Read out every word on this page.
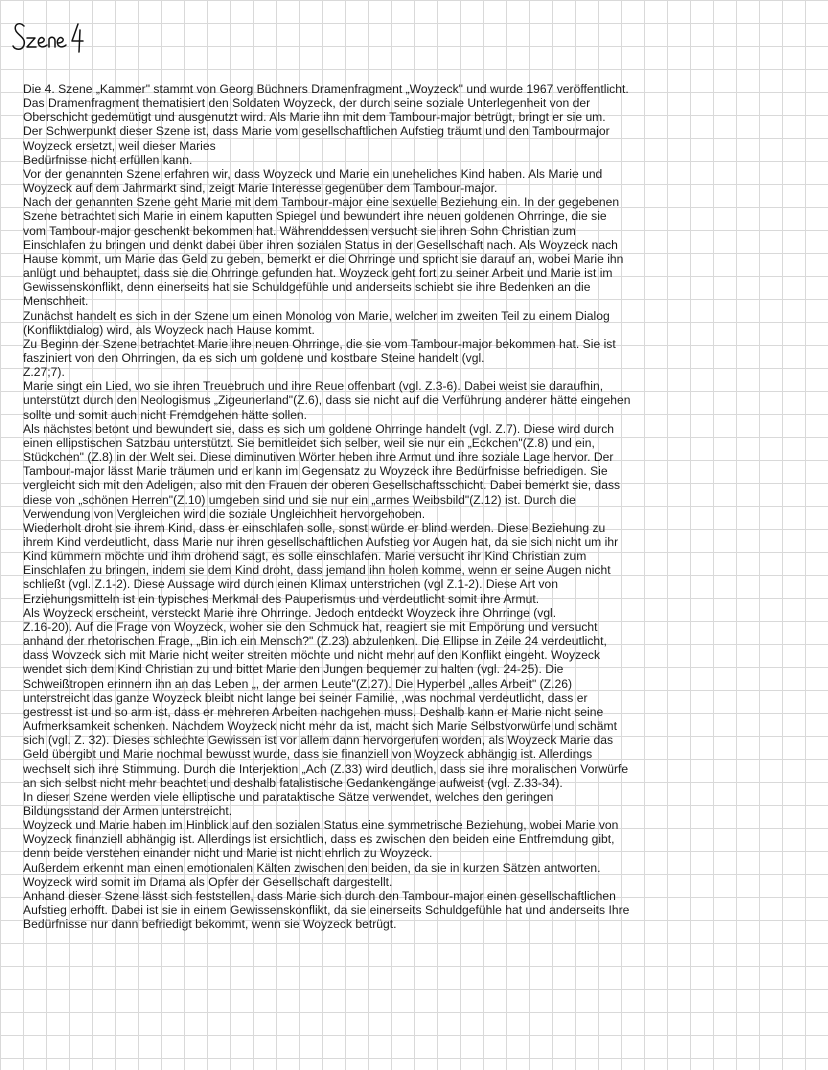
Die 4. Szene „Kammer" stammt von Georg Büchners Dramenfragment „Woyzeck" und wurde 1967 veröffentlicht.

Das Dramenfragment thematisiert den Soldaten Woyzeck, der durch seine soziale Unterlegenheit von der

Oberschicht gedemütigt und ausgenutzt wird. Als Marie ihn mit dem Tambour-major betrügt, bringt er sie um.

Der Schwerpunkt dieser Szene ist, dass Marie vom gesellschaftlichen Aufstieg träumt und den Tambourmajor

Woyzeck ersetzt, weil dieser Maries

Bedürfnisse nicht erfüllen kann.

Vor der genannten Szene erfahren wir, dass Woyzeck und Marie ein uneheliches Kind haben. Als Marie und

Woyzeck auf dem Jahrmarkt sind, zeigt Marie Interesse gegenüber dem Tambour-major.

Nach der genannten Szene geht Marie mit dem Tambour-major eine sexuelle Beziehung ein. In der gegebenen

Szene betrachtet sich Marie in einem kaputten Spiegel und bewundert ihre neuen goldenen Ohrringe, die sie

vom Tambour-major geschenkt bekommen hat. Währenddessen versucht sie ihren Sohn Christian zum

Einschlafen zu bringen und denkt dabei über ihren sozialen Status in der Gesellschaft nach. Als Woyzeck nach

Hause kommt, um Marie das Geld zu geben, bemerkt er die Ohrringe und spricht sie darauf an, wobei Marie ihn

anlügt und behauptet, dass sie die Ohrringe gefunden hat. Woyzeck geht fort zu seiner Arbeit und Marie ist im

Gewissenskonflikt, denn einerseits hat sie Schuldgefühle und anderseits schiebt sie ihre Bedenken an die

Menschheit.

Zunächst handelt es sich in der Szene um einen Monolog von Marie, welcher im zweiten Teil zu einem Dialog

(Konfliktdialog) wird, als Woyzeck nach Hause kommt.

Zu Beginn der Szene betrachtet Marie ihre neuen Ohrringe, die sie vom Tambour-major bekommen hat. Sie ist

fasziniert von den Ohrringen, da es sich um goldene und kostbare Steine handelt (vgl.

Z.27;7).

Marie singt ein Lied, wo sie ihren Treuebruch und ihre Reue offenbart (vgl. Z.3-6). Dabei weist sie daraufhin,

unterstützt durch den Neologismus „Zigeunerland"(Z.6), dass sie nicht auf die Verführung anderer hätte eingehen

sollte und somit auch nicht Fremdgehen hätte sollen.

Als nächstes betont und bewundert sie, dass es sich um goldene Ohrringe handelt (vgl. Z.7). Diese wird durch

einen ellipstischen Satzbau unterstützt. Sie bemitleidet sich selber, weil sie nur ein „Eckchen"(Z.8) und ein,

Stückchen" (Z.8) in der Welt sei. Diese diminutiven Wörter heben ihre Armut und ihre soziale Lage hervor. Der

Tambour-major lässt Marie träumen und er kann im Gegensatz zu Woyzeck ihre Bedürfnisse befriedigen. Sie

vergleicht sich mit den Adeligen, also mit den Frauen der oberen Gesellschaftsschicht. Dabei bemerkt sie, dass

diese von „schönen Herren"(Z.10) umgeben sind und sie nur ein „armes Weibsbild"(Z.12) ist. Durch die

Verwendung von Vergleichen wird die soziale Ungleichheit hervorgehoben.

Wiederholt droht sie ihrem Kind, dass er einschlafen solle, sonst würde er blind werden. Diese Beziehung zu

ihrem Kind verdeutlicht, dass Marie nur ihren gesellschaftlichen Aufstieg vor Augen hat, da sie sich nicht um ihr

Kind kümmern möchte und ihm drohend sagt, es solle einschlafen. Marie versucht ihr Kind Christian zum

Einschlafen zu bringen, indem sie dem Kind droht, dass jemand ihn holen komme, wenn er seine Augen nicht

schließt (vgl. Z.1-2). Diese Aussage wird durch einen Klimax unterstrichen (vgl Z.1-2). Diese Art von

Erziehungsmitteln ist ein typisches Merkmal des Pauperismus und verdeutlicht somit ihre Armut.

Als Woyzeck erscheint, versteckt Marie ihre Ohrringe. Jedoch entdeckt Woyzeck ihre Ohrringe (vgl.

Z.16-20). Auf die Frage von Woyzeck, woher sie den Schmuck hat, reagiert sie mit Empörung und versucht

anhand der rhetorischen Frage, „Bin ich ein Mensch?" (Z.23) abzulenken. Die Ellipse in Zeile 24 verdeutlicht,

dass Wovzeck sich mit Marie nicht weiter streiten möchte und nicht mehr auf den Konflikt eingeht. Woyzeck

wendet sich dem Kind Christian zu und bittet Marie den Jungen bequemer zu halten (vgl. 24-25). Die

Schweißtropen erinnern ihn an das Leben „, der armen Leute"(Z.27). Die Hyperbel „alles Arbeit" (Z.26)

unterstreicht das ganze Woyzeck bleibt nicht lange bei seiner Familie, ,was nochmal verdeutlicht, dass er

gestresst ist und so arm ist, dass er mehreren Arbeiten nachgehen muss. Deshalb kann er Marie nicht seine

Aufmerksamkeit schenken. Nachdem Woyzeck nicht mehr da ist, macht sich Marie Selbstvorwürfe und schämt

sich (vgl. Z. 32). Dieses schlechte Gewissen ist vor allem dann hervorgerufen worden, als Woyzeck Marie das

Geld übergibt und Marie nochmal bewusst wurde, dass sie finanziell von Woyzeck abhängig ist. Allerdings

wechselt sich ihre Stimmung. Durch die Interjektion „Ach (Z.33) wird deutlich, dass sie ihre moralischen Vorwürfe

an sich selbst nicht mehr beachtet und deshalb fatalistische Gedankengänge aufweist (vgl. Z.33-34).

In dieser Szene werden viele elliptische und parataktische Sätze verwendet, welches den geringen

Bildungsstand der Armen unterstreicht.

Woyzeck und Marie haben im Hinblick auf den sozialen Status eine symmetrische Beziehung, wobei Marie von

Woyzeck finanziell abhängig ist. Allerdings ist ersichtlich, dass es zwischen den beiden eine Entfremdung gibt,

denn beide verstehen einander nicht und Marie ist nicht ehrlich zu Woyzeck.

Außerdem erkennt man einen emotionalen Kälten zwischen den beiden, da sie in kurzen Sätzen antworten.

Woyzeck wird somit im Drama als Opfer der Gesellschaft dargestellt.

Anhand dieser Szene lässt sich feststellen, dass Marie sich durch den Tambour-major einen gesellschaftlichen

Aufstieg erhofft. Dabei ist sie in einem Gewissenskonflikt, da sie einerseits Schuldgefühle hat und anderseits Ihre

Bedürfnisse nur dann befriedigt bekommt, wenn sie Woyzeck betrügt.
